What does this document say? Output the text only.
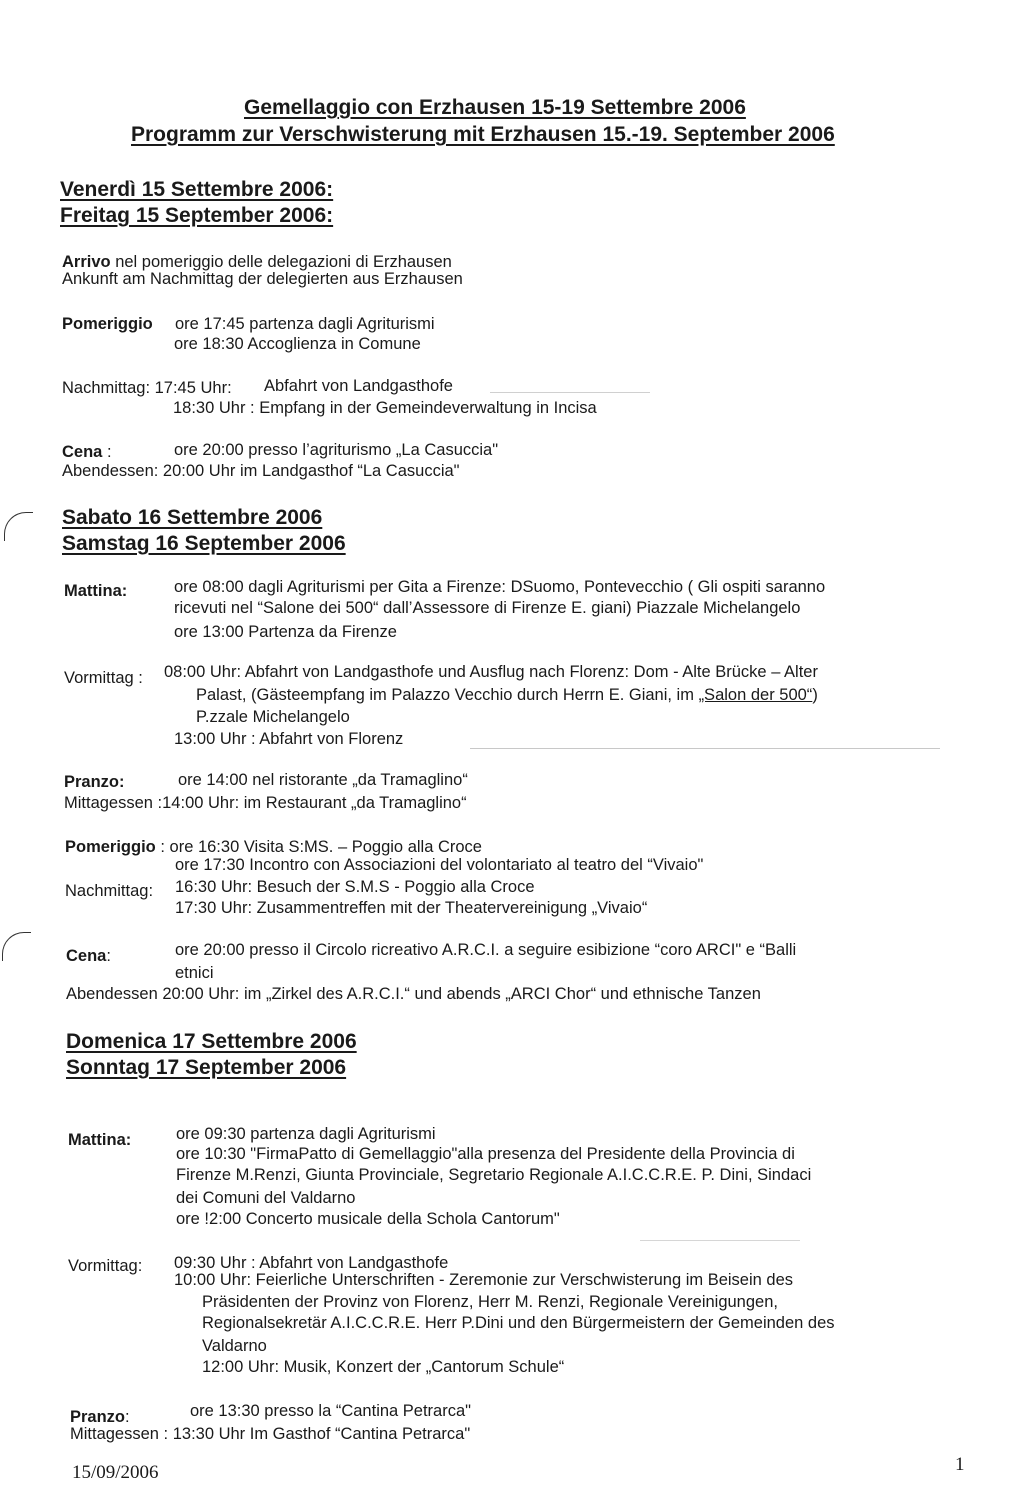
Gemellaggio con Erzhausen 15-19 Settembre 2006
Programm zur Verschwisterung mit Erzhausen 15.-19. September 2006
Venerdì 15 Settembre 2006:
Freitag 15 September 2006:
Arrivo nel pomeriggio delle delegazioni di Erzhausen
Ankunft am Nachmittag der delegierten aus Erzhausen
Pomeriggio ore 17:45 partenza dagli Agriturismi
ore 18:30 Accoglienza in Comune
Nachmittag: 17:45 Uhr: Abfahrt von Landgasthofe
18:30 Uhr : Empfang in der Gemeindeverwaltung in Incisa
Cena :	ore 20:00 presso l’agriturismo „La Casuccia"
Abendessen: 20:00 Uhr im Landgasthof “La Casuccia"
Sabato 16 Settembre 2006
Samstag 16 September 2006
Mattina:	ore 08:00 dagli Agriturismi per Gita a Firenze: DSuomo, Pontevecchio ( Gli ospiti saranno
ricevuti nel “Salone dei 500“ dall’Assessore di Firenze E. giani) Piazzale Michelangelo
ore 13:00 Partenza da Firenze
Vormittag : 08:00 Uhr: Abfahrt von Landgasthofe und Ausflug nach Florenz: Dom - Alte Brücke – Alter
Palast, (Gästeempfang im Palazzo Vecchio durch Herrn E. Giani, im „Salon der 500“)
P.zzale Michelangelo
13:00 Uhr : Abfahrt von Florenz
Pranzo:	ore 14:00 nel ristorante „da Tramaglino“
Mittagessen :14:00 Uhr: im Restaurant „da Tramaglino“
Pomeriggio : ore 16:30 Visita S:MS. – Poggio alla Croce
ore 17:30 Incontro con Associazioni del volontariato al teatro del “Vivaio"
Nachmittag: 16:30 Uhr: Besuch der S.M.S - Poggio alla Croce
17:30 Uhr: Zusammentreffen mit der Theatervereinigung „Vivaio“
Cena:	ore 20:00 presso il Circolo ricreativo A.R.C.I. a seguire esibizione “coro ARCI" e “Balli
etnici
Abendessen 20:00 Uhr: im „Zirkel des A.R.C.I.“ und abends „ARCI Chor“ und ethnische Tanzen
Domenica 17 Settembre 2006
Sonntag 17 September 2006
Mattina:	ore 09:30 partenza dagli Agriturismi
ore 10:30 "FirmaPatto di Gemellaggio"alla presenza del Presidente della Provincia di
Firenze M.Renzi, Giunta Provinciale, Segretario Regionale A.I.C.C.R.E. P. Dini, Sindaci
dei Comuni del Valdarno
ore !2:00 Concerto musicale della Schola Cantorum"
Vormittag: 09:30 Uhr : Abfahrt von Landgasthofe
10:00 Uhr: Feierliche Unterschriften - Zeremonie zur Verschwisterung im Beisein des
Präsidenten der Provinz von Florenz, Herr M. Renzi, Regionale Vereinigungen,
Regionalsekretär A.I.C.C.R.E. Herr P.Dini und den Bürgermeistern der Gemeinden des
Valdarno
12:00 Uhr: Musik, Konzert der „Cantorum Schule“
Pranzo:	ore 13:30 presso la “Cantina Petrarca"
Mittagessen : 13:30 Uhr Im Gasthof “Cantina Petrarca"
15/09/2006	1
